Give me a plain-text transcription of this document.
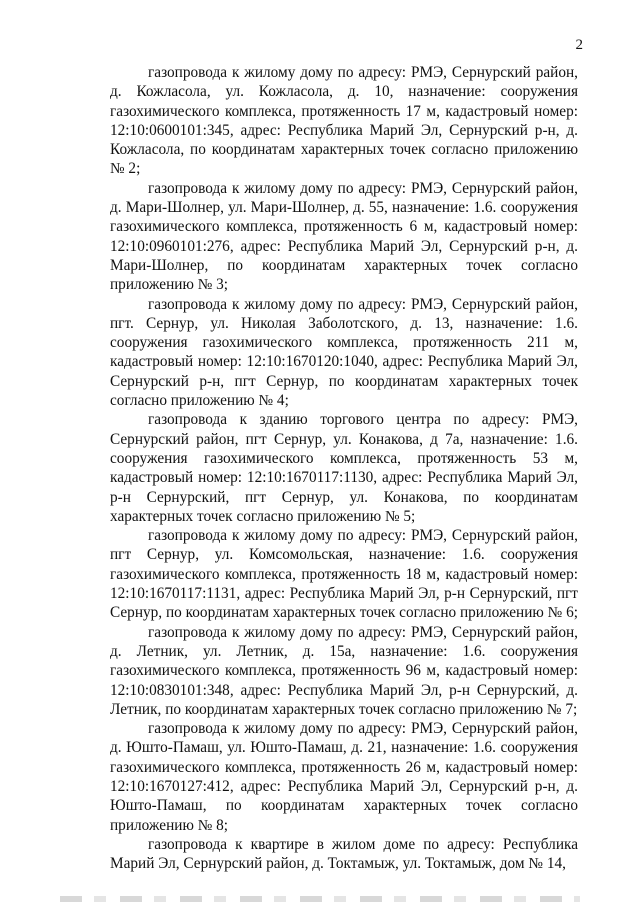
2

газопровода к жилому дому по адресу: РМЭ, Сернурский район, д. Кожласола, ул. Кожласола, д. 10, назначение: сооружения газохимического комплекса, протяженность 17 м, кадастровый номер: 12:10:0600101:345, адрес: Республика Марий Эл, Сернурский р-н, д. Кожласола, по координатам характерных точек согласно приложению № 2;

газопровода к жилому дому по адресу: РМЭ, Сернурский район, д. Мари-Шолнер, ул. Мари-Шолнер, д. 55, назначение: 1.6. сооружения газохимического комплекса, протяженность 6 м, кадастровый номер: 12:10:0960101:276, адрес: Республика Марий Эл, Сернурский р-н, д. Мари-Шолнер, по координатам характерных точек согласно приложению № 3;

газопровода к жилому дому по адресу: РМЭ, Сернурский район, пгт. Сернур, ул. Николая Заболотского, д. 13, назначение: 1.6. сооружения газохимического комплекса, протяженность 211 м, кадастровый номер: 12:10:1670120:1040, адрес: Республика Марий Эл, Сернурский р-н, пгт Сернур, по координатам характерных точек согласно приложению № 4;

газопровода к зданию торгового центра по адресу: РМЭ, Сернурский район, пгт Сернур, ул. Конакова, д 7а, назначение: 1.6. сооружения газохимического комплекса, протяженность 53 м, кадастровый номер: 12:10:1670117:1130, адрес: Республика Марий Эл, р-н Сернурский, пгт Сернур, ул. Конакова, по координатам характерных точек согласно приложению № 5;

газопровода к жилому дому по адресу: РМЭ, Сернурский район, пгт Сернур, ул. Комсомольская, назначение: 1.6. сооружения газохимического комплекса, протяженность 18 м, кадастровый номер: 12:10:1670117:1131, адрес: Республика Марий Эл, р-н Сернурский, пгт Сернур, по координатам характерных точек согласно приложению № 6;

газопровода к жилому дому по адресу: РМЭ, Сернурский район, д. Летник, ул. Летник, д. 15а, назначение: 1.6. сооружения газохимического комплекса, протяженность 96 м, кадастровый номер: 12:10:0830101:348, адрес: Республика Марий Эл, р-н Сернурский, д. Летник, по координатам характерных точек согласно приложению № 7;

газопровода к жилому дому по адресу: РМЭ, Сернурский район, д. Юшто-Памаш, ул. Юшто-Памаш, д. 21, назначение: 1.6. сооружения газохимического комплекса, протяженность 26 м, кадастровый номер: 12:10:1670127:412, адрес: Республика Марий Эл, Сернурский р-н, д. Юшто-Памаш, по координатам характерных точек согласно приложению № 8;

газопровода к квартире в жилом доме по адресу: Республика Марий Эл, Сернурский район, д. Токтамыж, ул. Токтамыж, дом № 14,
